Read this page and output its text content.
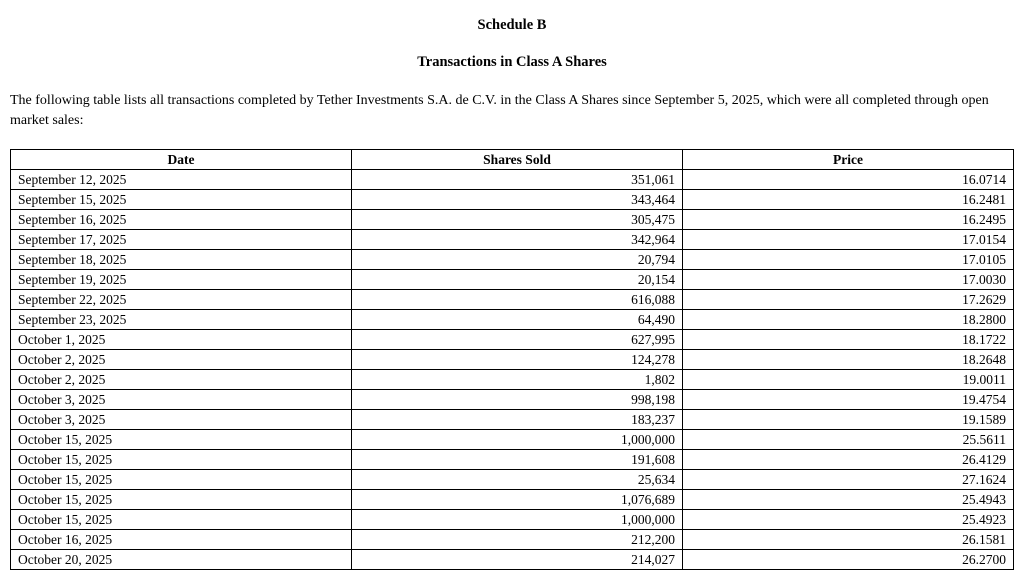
Schedule B
Transactions in Class A Shares
The following table lists all transactions completed by Tether Investments S.A. de C.V. in the Class A Shares since September 5, 2025, which were all completed through open market sales:
Date	Shares Sold	Price
September 12, 2025	351,061	16.0714
September 15, 2025	343,464	16.2481
September 16, 2025	305,475	16.2495
September 17, 2025	342,964	17.0154
September 18, 2025	20,794	17.0105
September 19, 2025	20,154	17.0030
September 22, 2025	616,088	17.2629
September 23, 2025	64,490	18.2800
October 1, 2025	627,995	18.1722
October 2, 2025	124,278	18.2648
October 2, 2025	1,802	19.0011
October 3, 2025	998,198	19.4754
October 3, 2025	183,237	19.1589
October 15, 2025	1,000,000	25.5611
October 15, 2025	191,608	26.4129
October 15, 2025	25,634	27.1624
October 15, 2025	1,076,689	25.4943
October 15, 2025	1,000,000	25.4923
October 16, 2025	212,200	26.1581
October 20, 2025	214,027	26.2700
